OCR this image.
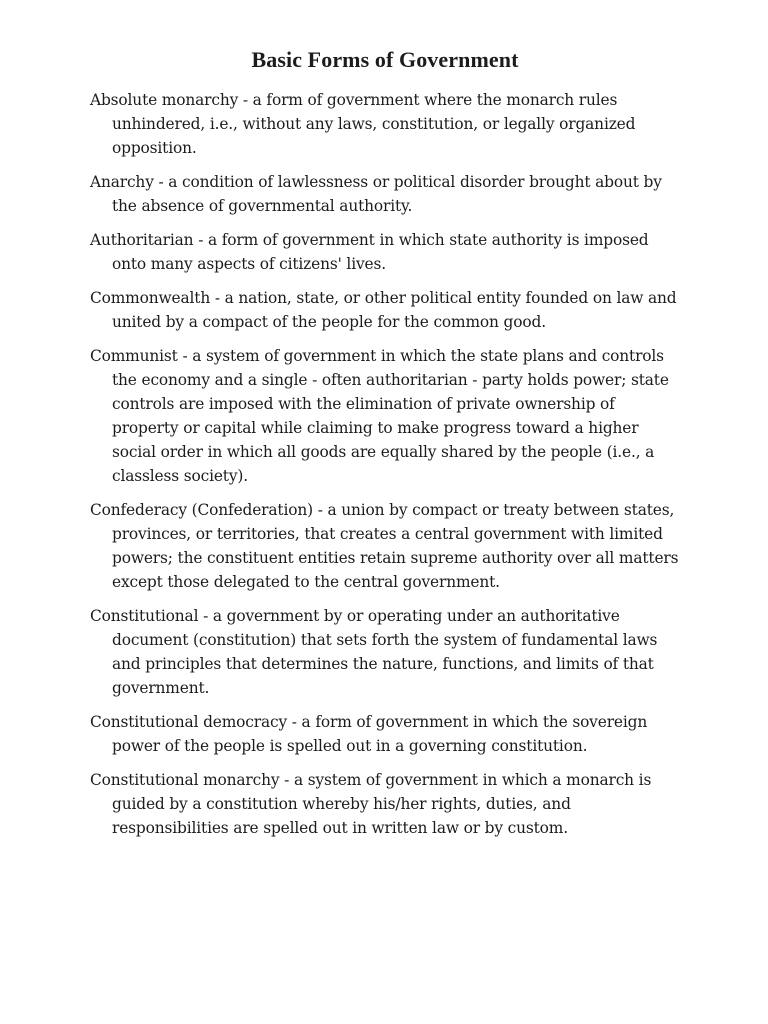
Basic Forms of Government

Absolute monarchy - a form of government where the monarch rules unhindered, i.e., without any laws, constitution, or legally organized opposition.

Anarchy - a condition of lawlessness or political disorder brought about by the absence of governmental authority.

Authoritarian - a form of government in which state authority is imposed onto many aspects of citizens' lives.

Commonwealth - a nation, state, or other political entity founded on law and united by a compact of the people for the common good.

Communist - a system of government in which the state plans and controls the economy and a single - often authoritarian - party holds power; state controls are imposed with the elimination of private ownership of property or capital while claiming to make progress toward a higher social order in which all goods are equally shared by the people (i.e., a classless society).

Confederacy (Confederation) - a union by compact or treaty between states, provinces, or territories, that creates a central government with limited powers; the constituent entities retain supreme authority over all matters except those delegated to the central government.

Constitutional - a government by or operating under an authoritative document (constitution) that sets forth the system of fundamental laws and principles that determines the nature, functions, and limits of that government.

Constitutional democracy - a form of government in which the sovereign power of the people is spelled out in a governing constitution.

Constitutional monarchy - a system of government in which a monarch is guided by a constitution whereby his/her rights, duties, and responsibilities are spelled out in written law or by custom.
